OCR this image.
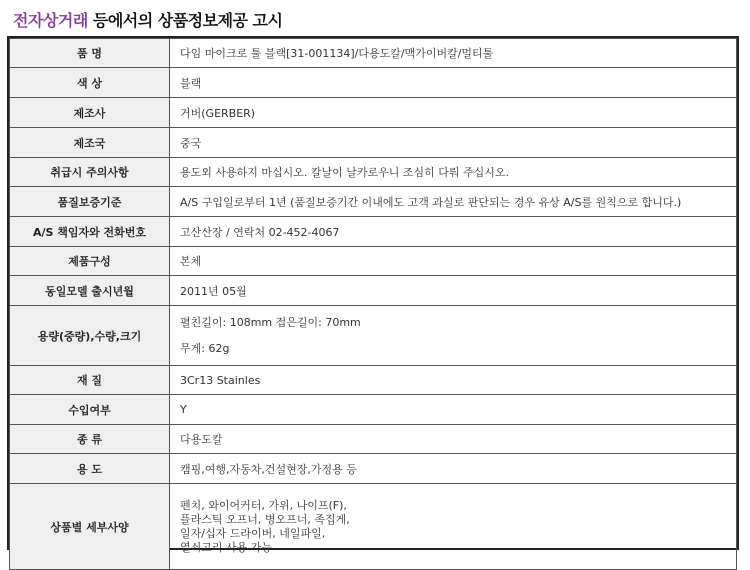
전자상거래 등에서의 상품정보제공 고시
품 명	다임 마이크로 툴 블랙[31-001134]/다용도칼/맥가이버칼/멀티툴
색 상	블랙
제조사	거버(GERBER)
제조국	중국
취급시 주의사항	용도외 사용하지 마십시오. 칼날이 날카로우니 조심히 다뤄 주십시오.
품질보증기준	A/S 구입일로부터 1년 (품질보증기간 이내에도 고객 과실로 판단되는 경우 유상 A/S를 원칙으로 합니다.)
A/S 책임자와 전화번호	고산산장 / 연락처 02-452-4067
제품구성	본체
동일모델 출시년월	2011년 05월
용량(중량),수량,크기	펼친길이: 108mm 접은길이: 70mm
무게: 62g

재 질	3Cr13 Stainles
수입여부	Y
종 류	다용도칼
용 도	캠핑,여행,자동차,건설현장,가정용 등
상품별 세부사양	펜치, 와이어커터, 가위, 나이프(F),
플라스틱 오프너, 병오프너, 족집게,
일자/십자 드라이버, 네일파일,
열쇠고리 사용 가능
